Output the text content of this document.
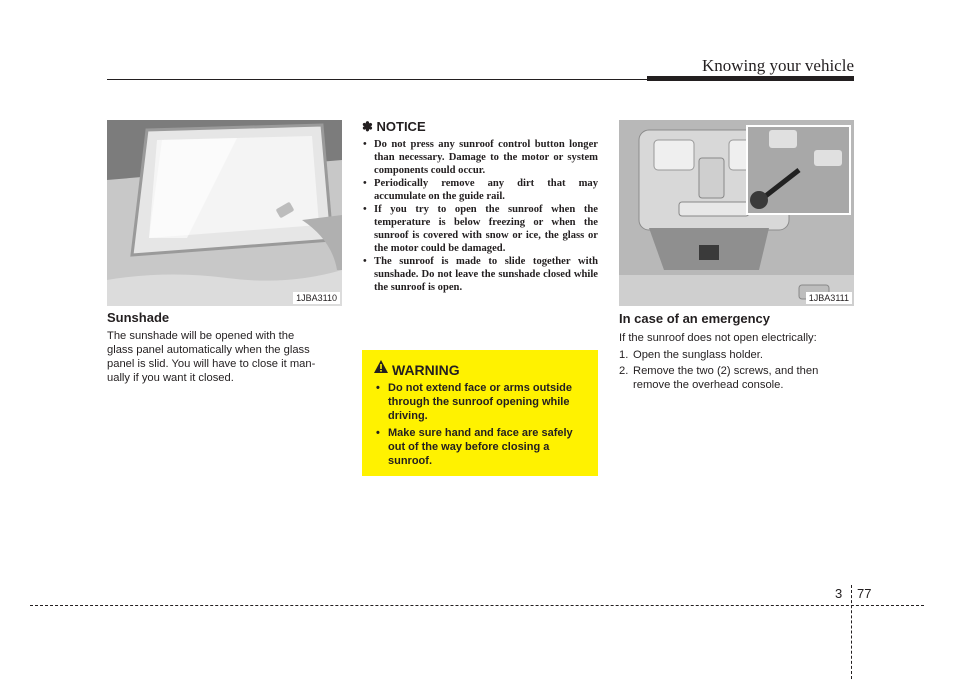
Knowing your vehicle
1JBA3110
Sunshade
The sunshade will be opened with the
glass panel automatically when the glass
panel is slid. You will have to close it man-
ually if you want it closed.
✽ NOTICE
• Do not press any sunroof control button longer than necessary. Damage to the motor or system components could occur.
• Periodically remove any dirt that may accumulate on the guide rail.
• If you try to open the sunroof when the temperature is below freezing or when the sunroof is covered with snow or ice, the glass or the motor could be damaged.
• The sunroof is made to slide together with sunshade. Do not leave the sunshade closed while the sunroof is open.
WARNING
• Do not extend face or arms outside through the sunroof opening while driving.
• Make sure hand and face are safely out of the way before closing a sunroof.
1JBA3111
In case of an emergency
If the sunroof does not open electrically:
1. Open the sunglass holder.
2. Remove the two (2) screws, and then remove the overhead console.
3 77
